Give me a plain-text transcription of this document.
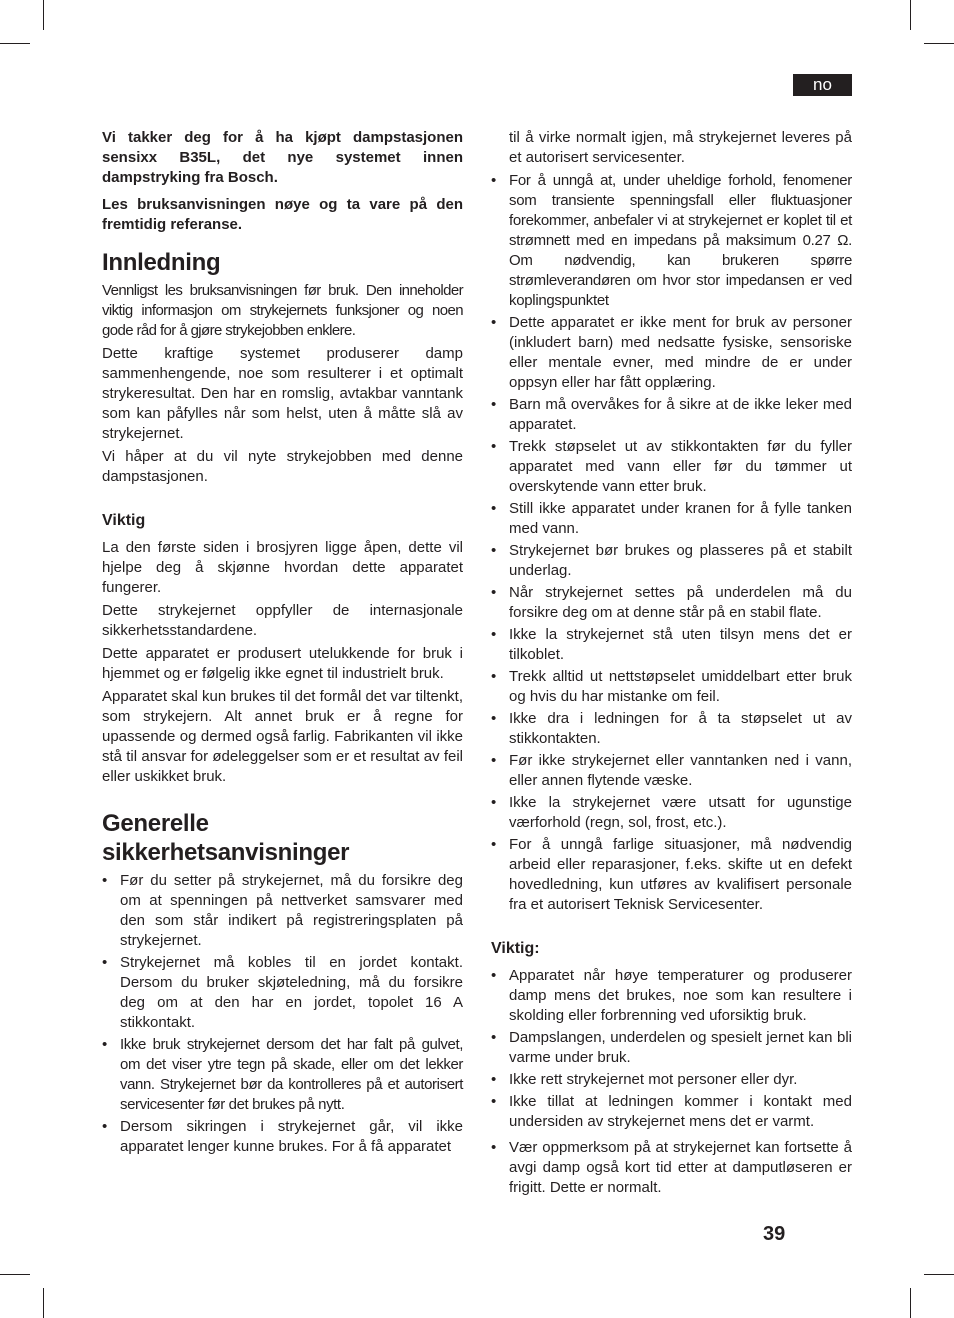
no

Vi takker deg for å ha kjøpt dampstasjonen sensixx B35L, det nye systemet innen dampstryking fra Bosch.

Les bruksanvisningen nøye og ta vare på den fremtidig referanse.

Innledning

Vennligst les bruksanvisningen før bruk. Den inneholder viktig informasjon om strykejernets funksjoner og noen gode råd for å gjøre strykejobben enklere.

Dette kraftige systemet produserer damp sammenhengende, noe som resulterer i et optimalt strykeresultat. Den har en romslig, avtakbar vanntank som kan påfylles når som helst, uten å måtte slå av strykejernet.

Vi håper at du vil nyte strykejobben med denne dampstasjonen.

Viktig

La den første siden i brosjyren ligge åpen, dette vil hjelpe deg å skjønne hvordan dette apparatet fungerer.

Dette strykejernet oppfyller de internasjonale sikkerhetsstandardene.

Dette apparatet er produsert utelukkende for bruk i hjemmet og er følgelig ikke egnet til industrielt bruk.

Apparatet skal kun brukes til det formål det var tiltenkt, som strykejern. Alt annet bruk er å regne for upassende og dermed også farlig. Fabrikanten vil ikke stå til ansvar for ødeleggelser som er et resultat av feil eller uskikket bruk.

Generelle
sikkerhetsanvisninger
• Før du setter på strykejernet, må du forsikre deg om at spenningen på nettverket samsvarer med den som står indikert på registreringsplaten på strykejernet.
• Strykejernet må kobles til en jordet kontakt. Dersom du bruker skjøteledning, må du forsikre deg om at den har en jordet, topolet 16 A stikkontakt.
• Ikke bruk strykejernet dersom det har falt på gulvet, om det viser ytre tegn på skade, eller om det lekker vann. Strykejernet bør da kontrolleres på et autorisert servicesenter før det brukes på nytt.
• Dersom sikringen i strykejernet går, vil ikke apparatet lenger kunne brukes. For å få apparatet

til å virke normalt igjen, må strykejernet leveres på et autorisert servicesenter.

• For å unngå at, under uheldige forhold, fenomener som transiente spenningsfall eller fluktuasjoner forekommer, anbefaler vi at strykejernet er koplet til et strømnett med en impedans på maksimum 0.27 Ω. Om nødvendig, kan brukeren spørre strømleverandøren om hvor stor impedansen er ved koplingspunktet
• Dette apparatet er ikke ment for bruk av personer (inkludert barn) med nedsatte fysiske, sensoriske eller mentale evner, med mindre de er under oppsyn eller har fått opplæring.
• Barn må overvåkes for å sikre at de ikke leker med apparatet.
• Trekk støpselet ut av stikkontakten før du fyller apparatet med vann eller før du tømmer ut overskytende vann etter bruk.
• Still ikke apparatet under kranen for å fylle tanken med vann.
• Strykejernet bør brukes og plasseres på et stabilt underlag.
• Når strykejernet settes på underdelen må du forsikre deg om at denne står på en stabil flate.
• Ikke la strykejernet stå uten tilsyn mens det er tilkoblet.
• Trekk alltid ut nettstøpselet umiddelbart etter bruk og hvis du har mistanke om feil.
• Ikke dra i ledningen for å ta støpselet ut av stikkontakten.
• Før ikke strykejernet eller vanntanken ned i vann, eller annen flytende væske.
• Ikke la strykejernet være utsatt for ugunstige værforhold (regn, sol, frost, etc.).
• For å unngå farlige situasjoner, må nødvendig arbeid eller reparasjoner, f.eks. skifte ut en defekt hovedledning, kun utføres av kvalifisert personale fra et autorisert Teknisk Servicesenter.
Viktig:
• Apparatet når høye temperaturer og produserer damp mens det brukes, noe som kan resultere i skolding eller forbrenning ved uforsiktig bruk.
• Dampslangen, underdelen og spesielt jernet kan bli varme under bruk.
• Ikke rett strykejernet mot personer eller dyr.
• Ikke tillat at ledningen kommer i kontakt med undersiden av strykejernet mens det er varmt.
• Vær oppmerksom på at strykejernet kan fortsette å avgi damp også kort tid etter at damputløseren er frigitt. Dette er normalt.
39
